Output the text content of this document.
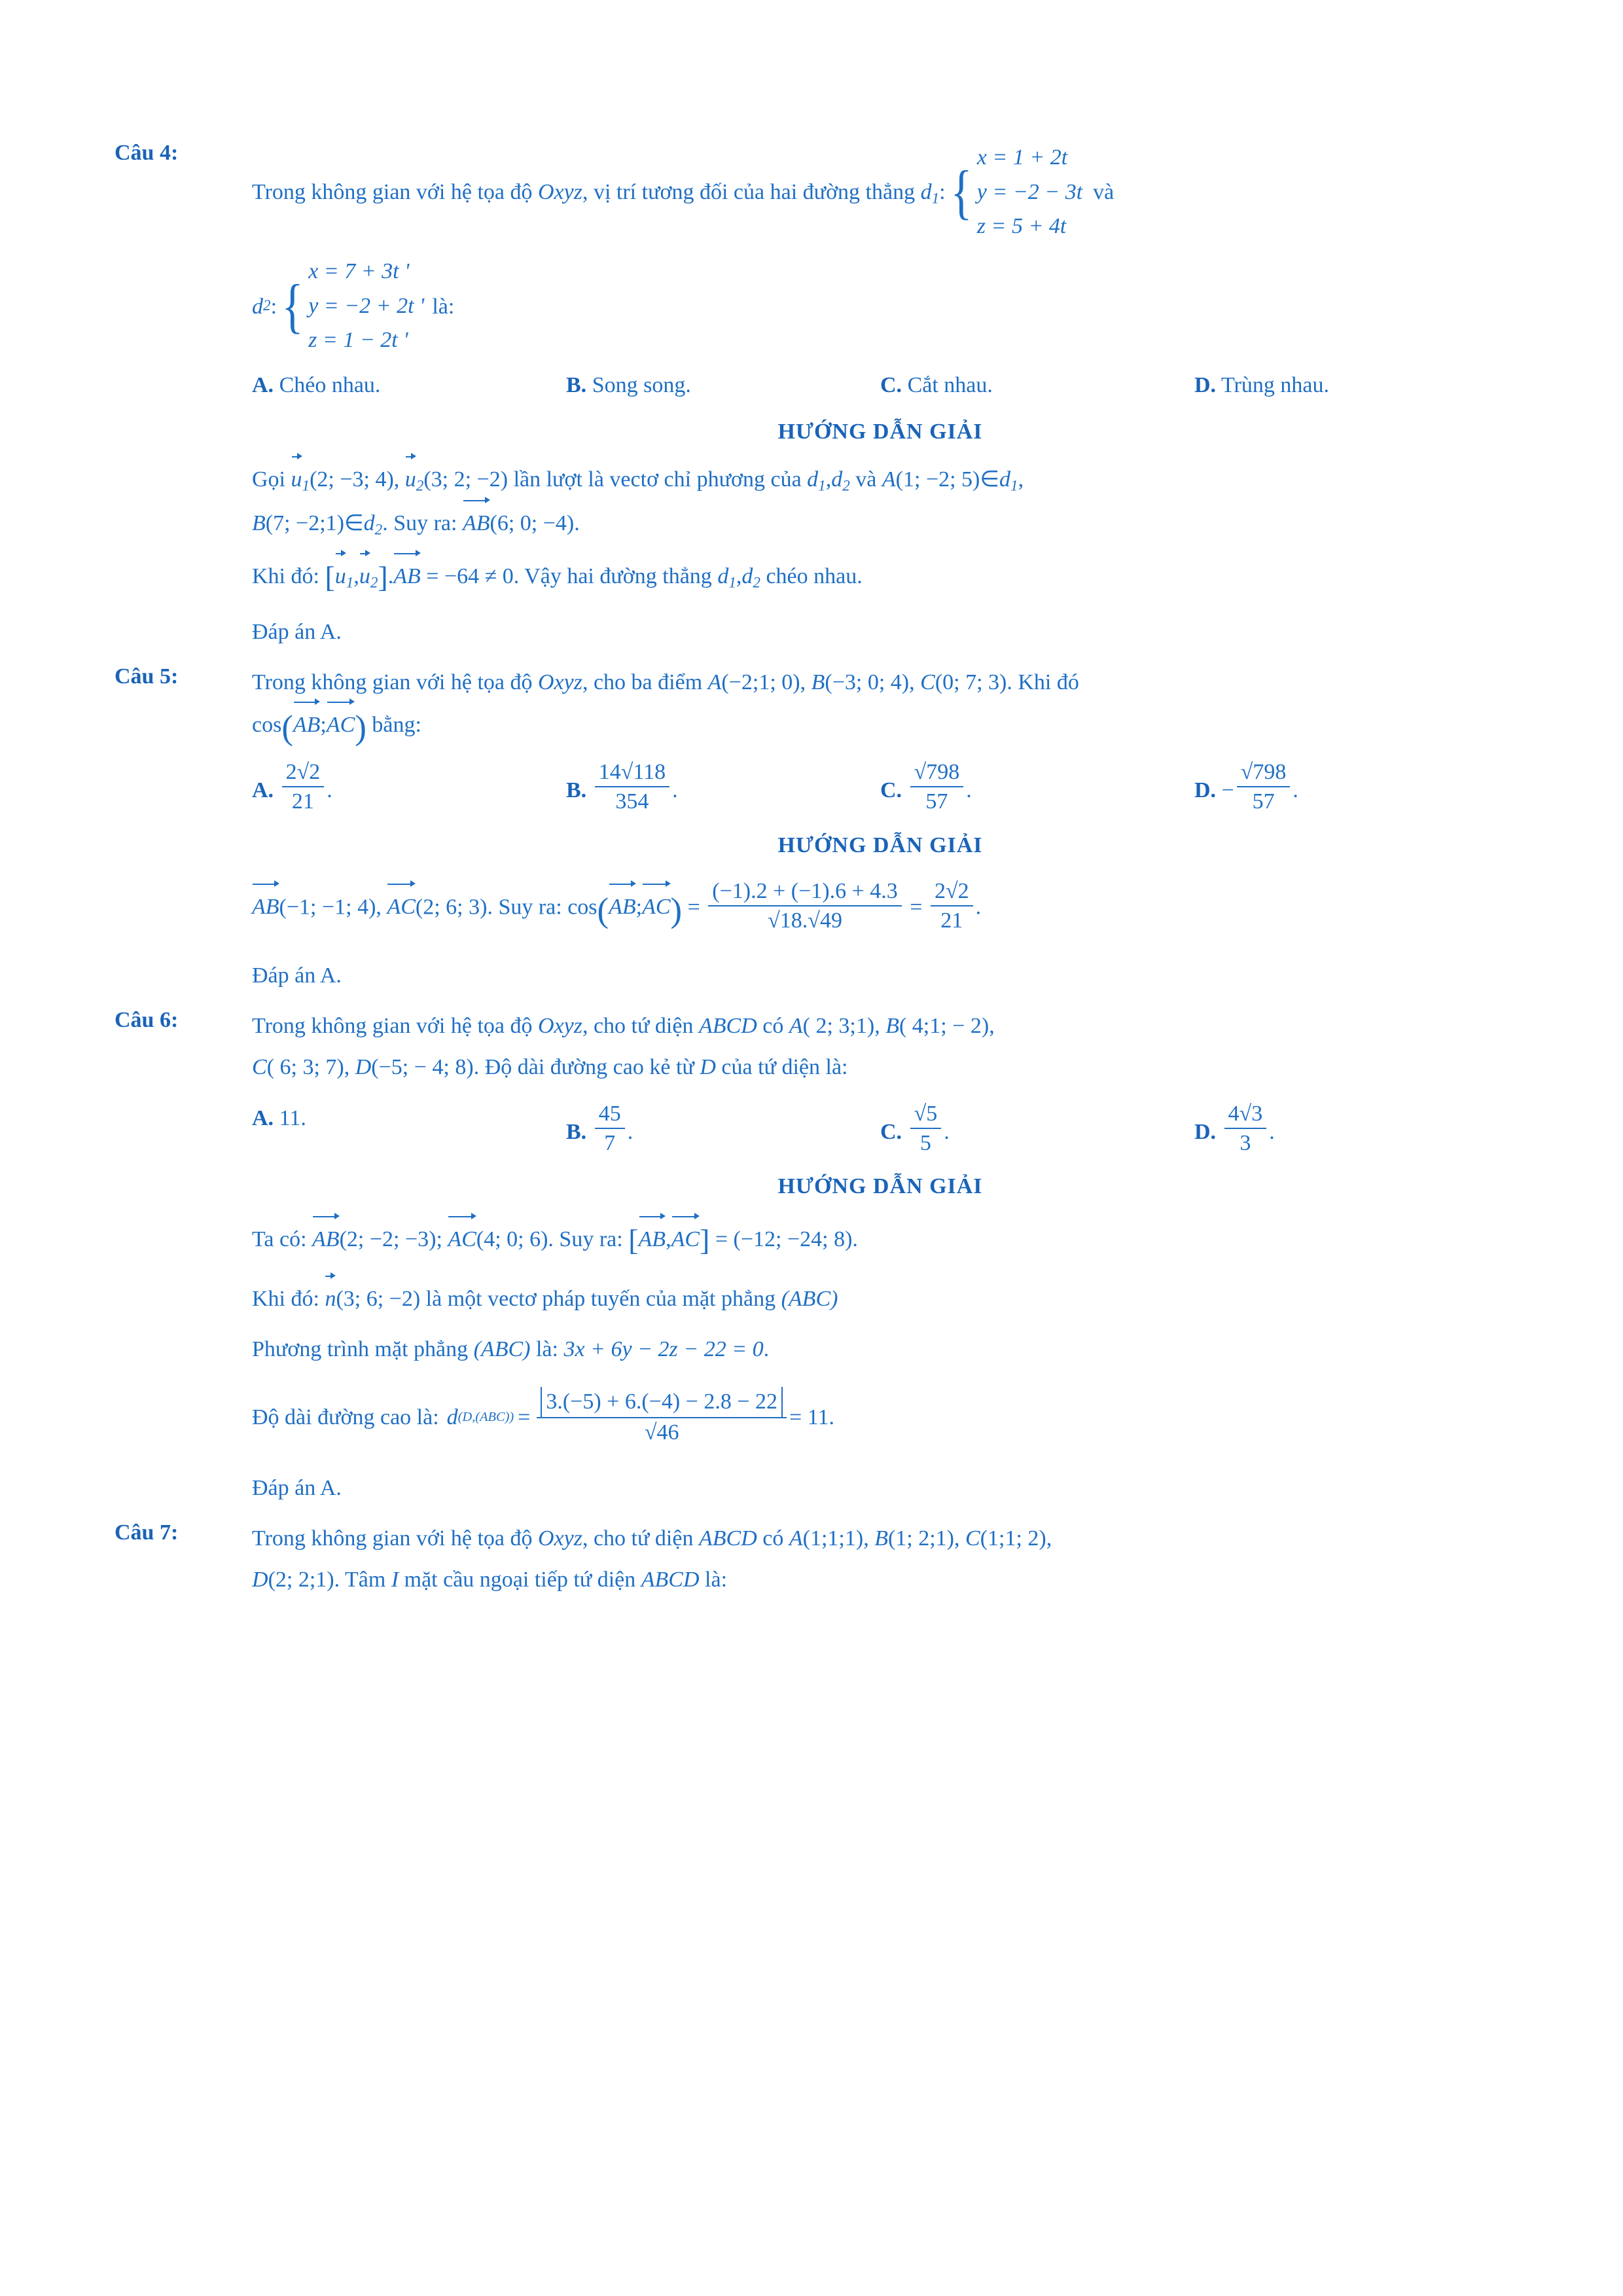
Câu 4:
Trong không gian với hệ tọa độ Oxyz, vị trí tương đối của hai đường thẳng $d_1$: {
x = 1 + 2t
y = −2 − 3t
z = 5 + 4t
và
d 2 : {
x = 7 + 3t '
y = −2 + 2t '
z = 1 − 2t '
là:
A. Chéo nhau.	B. Song song.	C. Cắt nhau.	D. Trùng nhau.
HƯỚNG DẪN GIẢI
Gọi $u_1(2$; −3; 4), $u_2(3$; 2; −2) lần lượt là vectơ chỉ phương của $d_1,d_2$ và A(1; −2; $5)\in d_1$,
B(7; $-2;1)\in d_2$. Suy ra: AB(6; 0; −4).
Khi đó: [
$u_1$,
$u_2$].
AB = −64 ≠ 0. Vậy hai đường thẳng $d_1,d_2$ chéo nhau.
Đáp án A.
Câu 5:	Trong không gian với hệ tọa độ Oxyz, cho ba điểm A(−2;1; 0), B(−3; 0; 4), C(0; 7; 3). Khi đó
cos(
AB;
AC) bằng:
A. $\frac{2√2}{21}$ .	B. $\frac{14√118}{354}$ .	C. $\frac{√798}{57}$ .	D. − $\frac{√798}{57}$ .
HƯỚNG DẪN GIẢI
AB(−1; −1; 4), AC(2; 6; 3). Suy ra: cos(
AB;
$AC) = \frac{(-1).2 + (-1).6 + 4.3}{√18.√49} = \frac{2√2}{21}$ .
Đáp án A.
Câu 6:	Trong không gian với hệ tọa độ Oxyz, cho tứ diện ABCD có A( 2; 3;1), B( 4;1; − 2),
C( 6; 3; 7), D(−5; − 4; 8). Độ dài đường cao kẻ từ D của tứ diện là:
A. 11.
B. $\frac{45}{7}$ .	C. $\frac{√5}{5}$ .	D. $\frac{4√3}{3}$ .
HƯỚNG DẪN GIẢI
Ta có: AB(2; −2; −3); AC(4; 0; 6). Suy ra: [
AB,
AC] = (−12; −24; 8).
Khi đó: n(3; 6; −2) là một vectơ pháp tuyến của mặt phẳng (ABC)
Phương trình mặt phẳng (ABC) là: 3x + 6y − 2z − 22 = 0.
Độ dài đường cao là: d $(D,(ABC)) = \frac{3.(-5) + 6.(-4) - 2.8 - 22}{√46} = 11$ .
Đáp án A.
Câu 7:	Trong không gian với hệ tọa độ Oxyz, cho tứ diện ABCD có A(1;1;1), B(1; 2;1), C(1;1; 2),
D(2; 2;1). Tâm I mặt cầu ngoại tiếp tứ diện ABCD là:
